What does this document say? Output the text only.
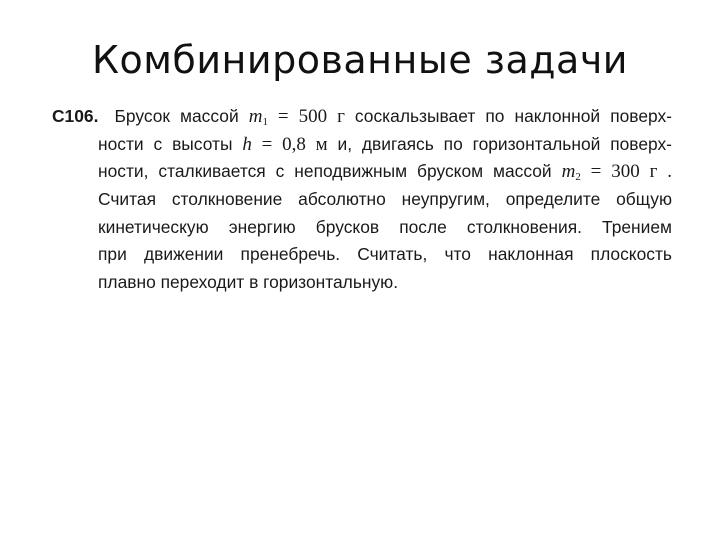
Комбинированные задачи
С106. Брусок массой $m_1 = 500$ г соскальзывает по наклонной поверх-
ности с высоты h = 0,8 м и, двигаясь по горизонтальной поверх-
ности, сталкивается с неподвижным бруском массой $m_2 = 300$ г .
Считая столкновение абсолютно неупругим, определите общую
кинетическую энергию брусков после столкновения. Трением
при движении пренебречь. Считать, что наклонная плоскость
плавно переходит в горизонтальную.
